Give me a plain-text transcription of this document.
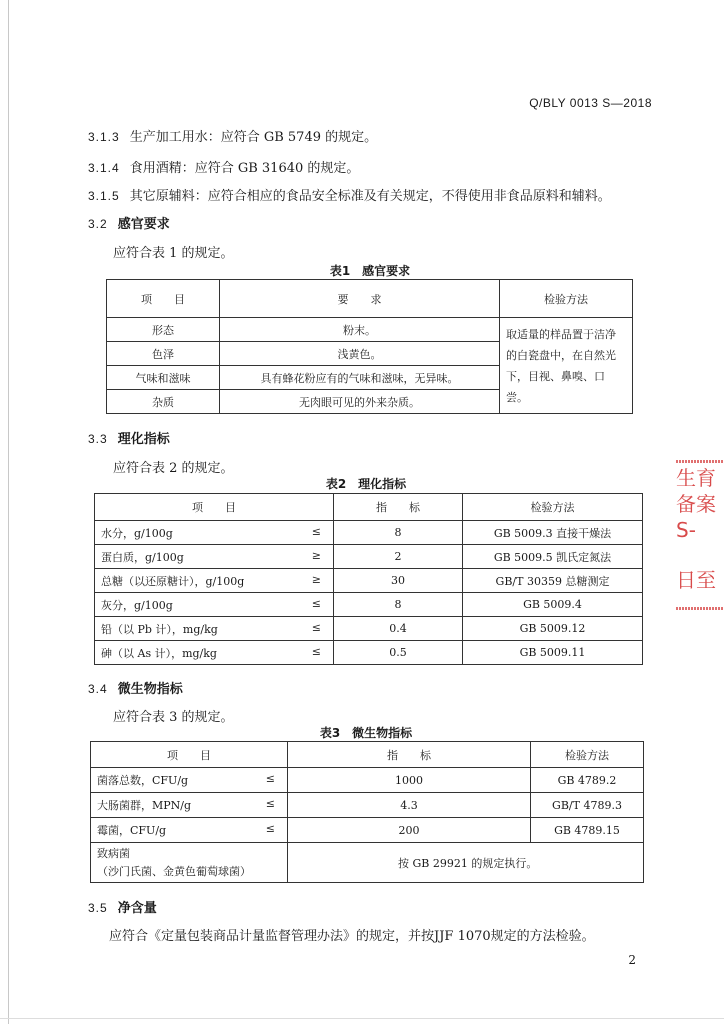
Q/BLY 0013 S—2018
3.1.3 生产加工用水：应符合 GB 5749 的规定。
3.1.4 食用酒精：应符合 GB 31640 的规定。
3.1.5 其它原辅料：应符合相应的食品安全标准及有关规定，不得使用非食品原料和辅料。
3.2 感官要求
应符合表 1 的规定。
表1　感官要求
项　　目	要　　求	检验方法
形态	粉末。	取适量的样品置于洁净的白瓷盘中，在自然光下，目视、鼻嗅、口尝。
色泽	浅黄色。	
气味和滋味	具有蜂花粉应有的气味和滋味，无异味。	
杂质	无肉眼可见的外来杂质。	
3.3 理化指标
应符合表 2 的规定。
表2　理化指标
项　　目	指　　标	检验方法
水分，g/100g ≤	8	GB 5009.3 直接干燥法
蛋白质，g/100g ≥	2	GB 5009.5 凯氏定氮法
总糖（以还原糖计），g/100g ≥	30	GB/T 30359 总糖测定
灰分，g/100g ≤	8	GB 5009.4
铅（以 Pb 计），mg/kg ≤	0.4	GB 5009.12
砷（以 As 计），mg/kg ≤	0.5	GB 5009.11
3.4 微生物指标
应符合表 3 的规定。
表3　微生物指标
项　　目	指　　标	检验方法
菌落总数，CFU/g ≤	1000	GB 4789.2
大肠菌群，MPN/g ≤	4.3	GB/T 4789.3
霉菌，CFU/g ≤	200	GB 4789.15

致病菌
（沙门氏菌、金黄色葡萄球菌）	按 GB 29921 的规定执行。	
3.5 净含量
应符合《定量包装商品计量监督管理办法》的规定，并按JJF 1070规定的方法检验。
2
生育
备案
S-
日至
